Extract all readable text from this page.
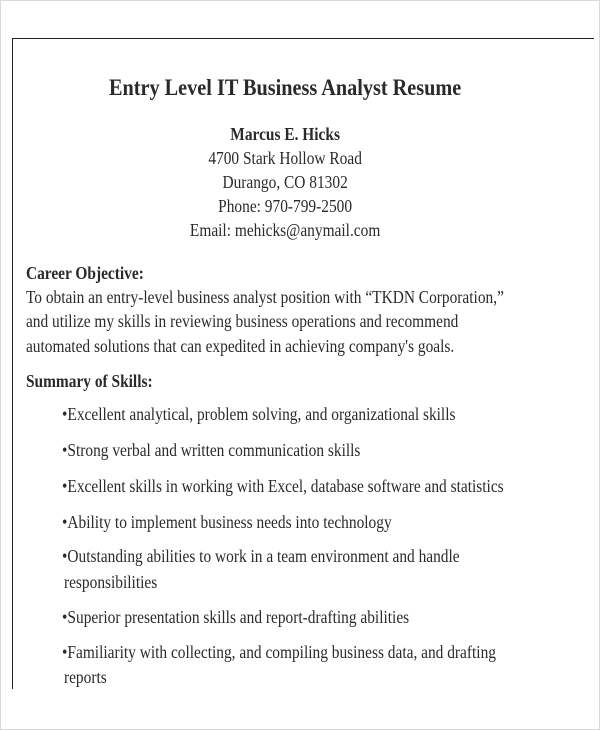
Entry Level IT Business Analyst Resume
Marcus E. Hicks
4700 Stark Hollow Road
Durango, CO 81302
Phone: 970-799-2500
Email: mehicks@anymail.com
Career Objective:
To obtain an entry-level business analyst position with “TKDN Corporation,”
and utilize my skills in reviewing business operations and recommend
automated solutions that can expedited in achieving company's goals.
Summary of Skills:
•Excellent analytical, problem solving, and organizational skills
•Strong verbal and written communication skills
•Excellent skills in working with Excel, database software and statistics
•Ability to implement business needs into technology
•Outstanding abilities to work in a team environment and handle
responsibilities
•Superior presentation skills and report-drafting abilities
•Familiarity with collecting, and compiling business data, and drafting
reports
